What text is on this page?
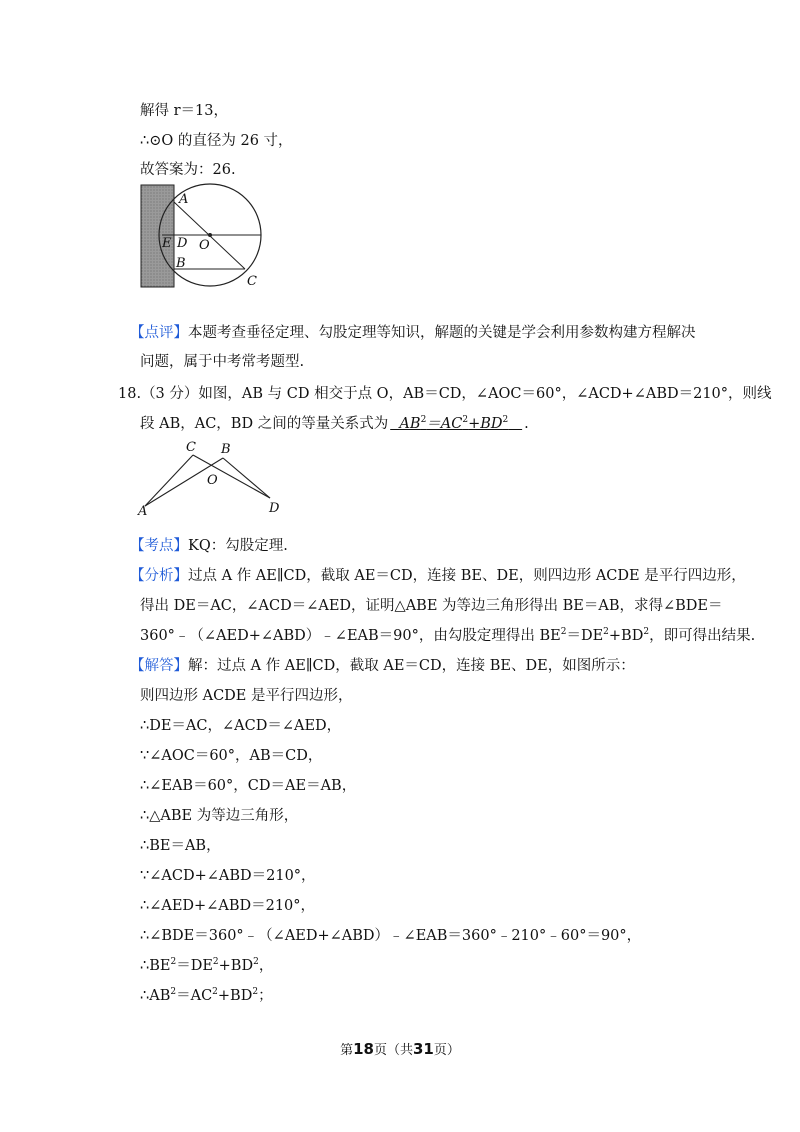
解得 r＝13，
∴⊙O 的直径为 26 寸，
故答案为：26.
A
E D O
B
C
【点评】本题考查垂径定理、勾股定理等知识，解题的关键是学会利用参数构建方程解决
问题，属于中考常考题型.
18.（3 分）如图，AB 与 CD 相交于点 O，AB＝CD，∠AOC＝60°，∠ACD+∠ABD＝210°，则线
段 AB，AC，BD 之间的等量关系式为 $AB^2=AC^2+BD^2$ .
C B
O
A	D
【考点】KQ：勾股定理.
【分析】过点 A 作 AE∥CD，截取 AE＝CD，连接 BE、DE，则四边形 ACDE 是平行四边形，
得出 DE＝AC，∠ACD＝∠AED，证明△ABE 为等边三角形得出 BE＝AB，求得∠BDE＝
360°﹣（∠AED+∠ABD）﹣∠EAB＝90°，由勾股定理得出 $BE^2=DE^2+BD^2$，即可得出结果.
【解答】解：过点 A 作 AE∥CD，截取 AE＝CD，连接 BE、DE，如图所示：
则四边形 ACDE 是平行四边形，
∴DE＝AC，∠ACD＝∠AED，
∵∠AOC＝60°，AB＝CD，
∴∠EAB＝60°，CD＝AE＝AB，
∴△ABE 为等边三角形，
∴BE＝AB，
∵∠ACD+∠ABD＝210°，
∴∠AED+∠ABD＝210°，
∴∠BDE＝360°﹣（∠AED+∠ABD）﹣∠EAB＝360°﹣210°﹣60°＝90°，
$\therefore BE^2=DE^2+BD^2$，
$\therefore AB^2=AC^2+BD^2$；
第18页（共31页）
